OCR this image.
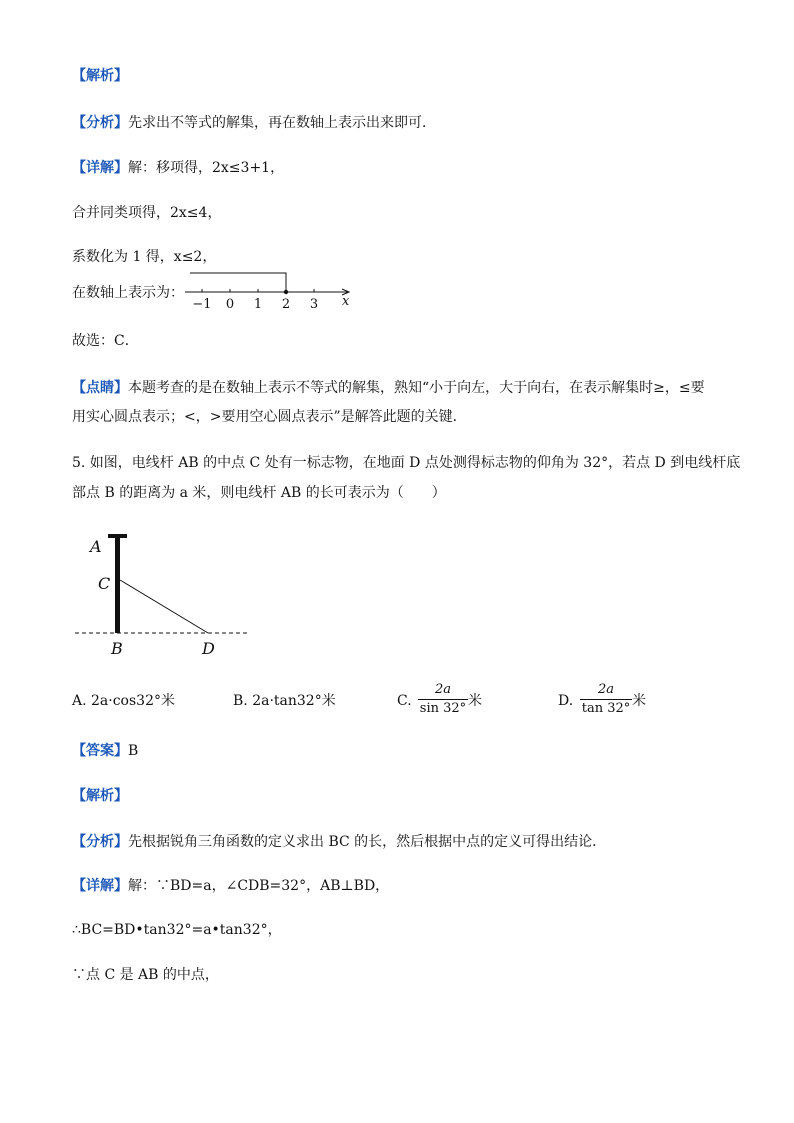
【解析】
【分析】先求出不等式的解集，再在数轴上表示出来即可．
【详解】解：移项得，2x≤3+1，
合并同类项得，2x≤4，
系数化为 1 得，x≤2，
在数轴上表示为：
−1 0 1 2 3 x
故选：C．
【点睛】本题考查的是在数轴上表示不等式的解集，熟知“小于向左，大于向右，在表示解集时≥，≤要
用实心圆点表示；<，>要用空心圆点表示”是解答此题的关键．
5. 如图，电线杆 AB 的中点 C 处有一标志物，在地面 D 点处测得标志物的仰角为 32°，若点 D 到电线杆底
部点 B 的距离为 a 米，则电线杆 AB 的长可表示为（　　）
A
C
B	D
A. 2a·cos32°米	B. 2a·tan32°米	C.
2a
sin 32° 米	D.
2a
tan 32° 米
【答案】B
【解析】
【分析】先根据锐角三角函数的定义求出 BC 的长，然后根据中点的定义可得出结论．
【详解】解：∵BD=a，∠CDB=32°，AB⊥BD，
∴BC=BD•tan32°=a•tan32°，
∵点 C 是 AB 的中点，
